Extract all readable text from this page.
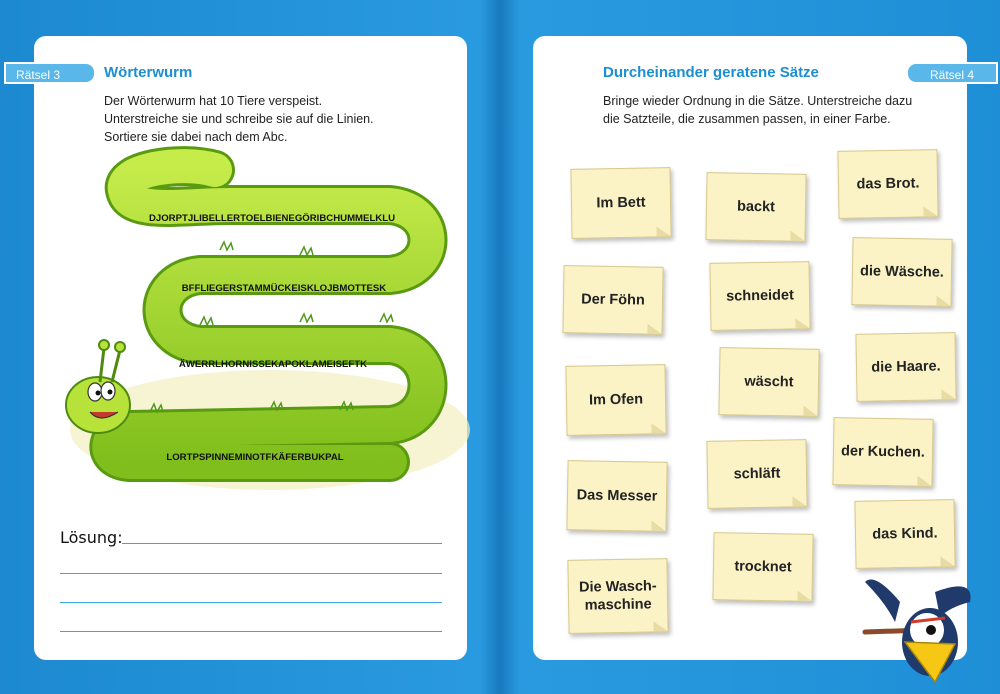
Rätsel 3	Wörterwurm
Der Wörterwurm hat 10 Tiere verspeist.
Unterstreiche sie und schreibe sie auf die Linien.
Sortiere sie dabei nach dem Abc.
DJORPTJLIBELLERTOELBIENEGÖRIBCHUMMELKLU
BFFLIEGERSTAMMÜCKEISKLOJBMOTTESK
ÄWERRLHORNISSEKAPOKLAMEISEFTK
LORTPSPINNEMINOTFKÄFERBUKPAL
Lösung:
Rätsel 4
Durcheinander geratene Sätze
Bringe wieder Ordnung in die Sätze. Unterstreiche dazu
die Satzteile, die zusammen passen, in einer Farbe.
Im Bett
Der Föhn
Im Ofen
Das Messer
Die Wasch-
maschine
backt
schneidet
wäscht
schläft
trocknet
das Brot.
die Wäsche.
die Haare.
der Kuchen.
das Kind.
